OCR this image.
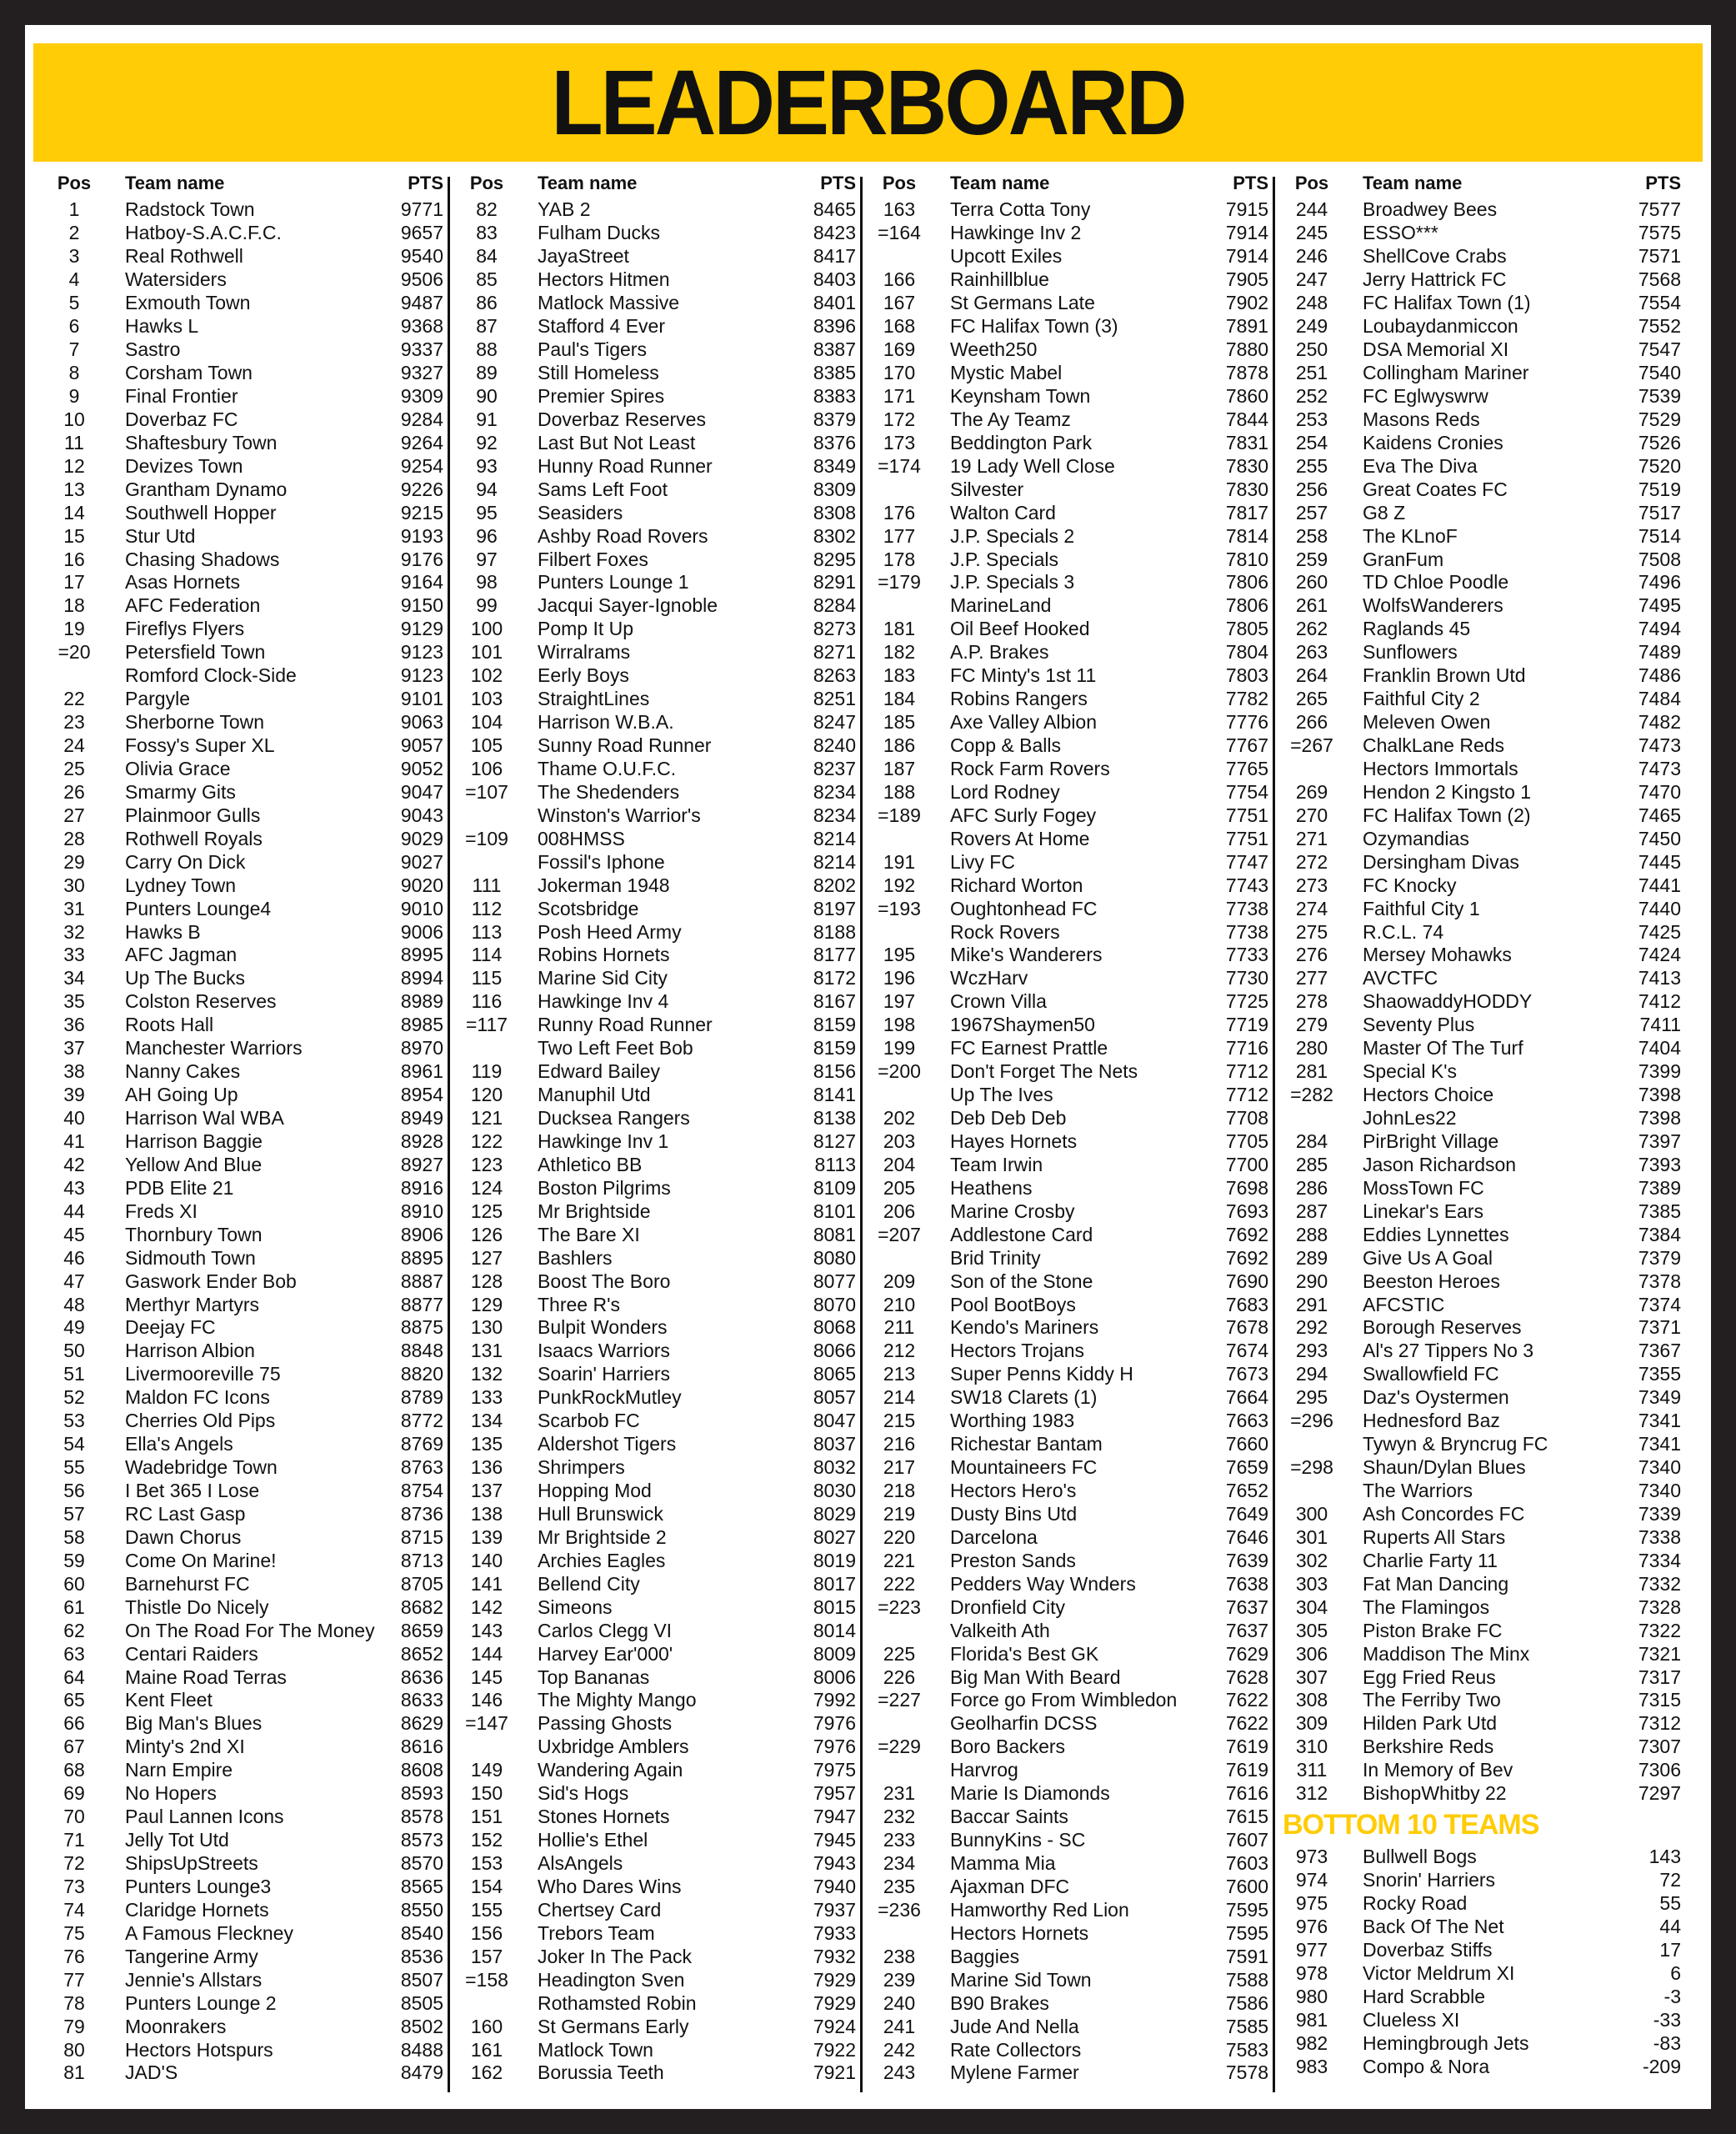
LEADERBOARD
Pos	Team name	PTS
1	Radstock Town	9771
2	Hatboy-S.A.C.F.C.	9657
3	Real Rothwell	9540
4	Watersiders	9506
5	Exmouth Town	9487
6	Hawks L	9368
7	Sastro	9337
8	Corsham Town	9327
9	Final Frontier	9309
10	Doverbaz FC	9284
11	Shaftesbury Town	9264
12	Devizes Town	9254
13	Grantham Dynamo	9226
14	Southwell Hopper	9215
15	Stur Utd	9193
16	Chasing Shadows	9176
17	Asas Hornets	9164
18	AFC Federation	9150
19	Fireflys Flyers	9129
=20	Petersfield Town	9123
Romford Clock-Side	9123
22	Pargyle	9101
23	Sherborne Town	9063
24	Fossy's Super XL	9057
25	Olivia Grace	9052
26	Smarmy Gits	9047
27	Plainmoor Gulls	9043
28	Rothwell Royals	9029
29	Carry On Dick	9027
30	Lydney Town	9020
31	Punters Lounge4	9010
32	Hawks B	9006
33	AFC Jagman	8995
34	Up The Bucks	8994
35	Colston Reserves	8989
36	Roots Hall	8985
37	Manchester Warriors	8970
38	Nanny Cakes	8961
39	AH Going Up	8954
40	Harrison Wal WBA	8949
41	Harrison Baggie	8928
42	Yellow And Blue	8927
43	PDB Elite 21	8916
44	Freds XI	8910
45	Thornbury Town	8906
46	Sidmouth Town	8895
47	Gaswork Ender Bob	8887
48	Merthyr Martyrs	8877
49	Deejay FC	8875
50	Harrison Albion	8848
51	Livermooreville 75	8820
52	Maldon FC Icons	8789
53	Cherries Old Pips	8772
54	Ella's Angels	8769
55	Wadebridge Town	8763
56	I Bet 365 I Lose	8754
57	RC Last Gasp	8736
58	Dawn Chorus	8715
59	Come On Marine!	8713
60	Barnehurst FC	8705
61	Thistle Do Nicely	8682
62	On The Road For The Money	8659
63	Centari Raiders	8652
64	Maine Road Terras	8636
65	Kent Fleet	8633
66	Big Man's Blues	8629
67	Minty's 2nd XI	8616
68	Narn Empire	8608
69	No Hopers	8593
70	Paul Lannen Icons	8578
71	Jelly Tot Utd	8573
72	ShipsUpStreets	8570
73	Punters Lounge3	8565
74	Claridge Hornets	8550
75	A Famous Fleckney	8540
76	Tangerine Army	8536
77	Jennie's Allstars	8507
78	Punters Lounge 2	8505
79	Moonrakers	8502
80	Hectors Hotspurs	8488
81	JAD'S	8479
Pos	Team name	PTS
82	YAB 2	8465
83	Fulham Ducks	8423
84	JayaStreet	8417
85	Hectors Hitmen	8403
86	Matlock Massive	8401
87	Stafford 4 Ever	8396
88	Paul's Tigers	8387
89	Still Homeless	8385
90	Premier Spires	8383
91	Doverbaz Reserves	8379
92	Last But Not Least	8376
93	Hunny Road Runner	8349
94	Sams Left Foot	8309
95	Seasiders	8308
96	Ashby Road Rovers	8302
97	Filbert Foxes	8295
98	Punters Lounge 1	8291
99	Jacqui Sayer-Ignoble	8284
100	Pomp It Up	8273
101	Wirralrams	8271
102	Eerly Boys	8263
103	StraightLines	8251
104	Harrison W.B.A.	8247
105	Sunny Road Runner	8240
106	Thame O.U.F.C.	8237
=107	The Shedenders	8234
Winston's Warrior's	8234
=109	008HMSS	8214
Fossil's Iphone	8214
111	Jokerman 1948	8202
112	Scotsbridge	8197
113	Posh Heed Army	8188
114	Robins Hornets	8177
115	Marine Sid City	8172
116	Hawkinge Inv 4	8167
=117	Runny Road Runner	8159
Two Left Feet Bob	8159
119	Edward Bailey	8156
120	Manuphil Utd	8141
121	Ducksea Rangers	8138
122	Hawkinge Inv 1	8127
123	Athletico BB	8113
124	Boston Pilgrims	8109
125	Mr Brightside	8101
126	The Bare XI	8081
127	Bashlers	8080
128	Boost The Boro	8077
129	Three R's	8070
130	Bulpit Wonders	8068
131	Isaacs Warriors	8066
132	Soarin' Harriers	8065
133	PunkRockMutley	8057
134	Scarbob FC	8047
135	Aldershot Tigers	8037
136	Shrimpers	8032
137	Hopping Mod	8030
138	Hull Brunswick	8029
139	Mr Brightside 2	8027
140	Archies Eagles	8019
141	Bellend City	8017
142	Simeons	8015
143	Carlos Clegg VI	8014
144	Harvey Ear'000'	8009
145	Top Bananas	8006
146	The Mighty Mango	7992
=147	Passing Ghosts	7976
Uxbridge Amblers	7976
149	Wandering Again	7975
150	Sid's Hogs	7957
151	Stones Hornets	7947
152	Hollie's Ethel	7945
153	AlsAngels	7943
154	Who Dares Wins	7940
155	Chertsey Card	7937
156	Trebors Team	7933
157	Joker In The Pack	7932
=158	Headington Sven	7929
Rothamsted Robin	7929
160	St Germans Early	7924
161	Matlock Town	7922
162	Borussia Teeth	7921
Pos	Team name	PTS
163	Terra Cotta Tony	7915
=164	Hawkinge Inv 2	7914
Upcott Exiles	7914
166	Rainhillblue	7905
167	St Germans Late	7902
168	FC Halifax Town (3)	7891
169	Weeth250	7880
170	Mystic Mabel	7878
171	Keynsham Town	7860
172	The Ay Teamz	7844
173	Beddington Park	7831
=174	19 Lady Well Close	7830
Silvester	7830
176	Walton Card	7817
177	J.P. Specials 2	7814
178	J.P. Specials	7810
=179	J.P. Specials 3	7806
MarineLand	7806
181	Oil Beef Hooked	7805
182	A.P. Brakes	7804
183	FC Minty's 1st 11	7803
184	Robins Rangers	7782
185	Axe Valley Albion	7776
186	Copp & Balls	7767
187	Rock Farm Rovers	7765
188	Lord Rodney	7754
=189	AFC Surly Fogey	7751
Rovers At Home	7751
191	Livy FC	7747
192	Richard Worton	7743
=193	Oughtonhead FC	7738
Rock Rovers	7738
195	Mike's Wanderers	7733
196	WczHarv	7730
197	Crown Villa	7725
198	1967Shaymen50	7719
199	FC Earnest Prattle	7716
=200	Don't Forget The Nets	7712
Up The Ives	7712
202	Deb Deb Deb	7708
203	Hayes Hornets	7705
204	Team Irwin	7700
205	Heathens	7698
206	Marine Crosby	7693
=207	Addlestone Card	7692
Brid Trinity	7692
209	Son of the Stone	7690
210	Pool BootBoys	7683
211	Kendo's Mariners	7678
212	Hectors Trojans	7674
213	Super Penns Kiddy H	7673
214	SW18 Clarets (1)	7664
215	Worthing 1983	7663
216	Richestar Bantam	7660
217	Mountaineers FC	7659
218	Hectors Hero's	7652
219	Dusty Bins Utd	7649
220	Darcelona	7646
221	Preston Sands	7639
222	Pedders Way Wnders	7638
=223	Dronfield City	7637
Valkeith Ath	7637
225	Florida's Best GK	7629
226	Big Man With Beard	7628
=227	Force go From Wimbledon	7622
Geolharfin DCSS	7622
=229	Boro Backers	7619
Harvrog	7619
231	Marie Is Diamonds	7616
232	Baccar Saints	7615
233	BunnyKins - SC	7607
234	Mamma Mia	7603
235	Ajaxman DFC	7600
=236	Hamworthy Red Lion	7595
Hectors Hornets	7595
238	Baggies	7591
239	Marine Sid Town	7588
240	B90 Brakes	7586
241	Jude And Nella	7585
242	Rate Collectors	7583
243	Mylene Farmer	7578
Pos	Team name	PTS
244	Broadwey Bees	7577
245	ESSO***	7575
246	ShellCove Crabs	7571
247	Jerry Hattrick FC	7568
248	FC Halifax Town (1)	7554
249	Loubaydanmiccon	7552
250	DSA Memorial XI	7547
251	Collingham Mariner	7540
252	FC Eglwyswrw	7539
253	Masons Reds	7529
254	Kaidens Cronies	7526
255	Eva The Diva	7520
256	Great Coates FC	7519
257	G8 Z	7517
258	The KLnoF	7514
259	GranFum	7508
260	TD Chloe Poodle	7496
261	WolfsWanderers	7495
262	Raglands 45	7494
263	Sunflowers	7489
264	Franklin Brown Utd	7486
265	Faithful City 2	7484
266	Meleven Owen	7482
=267	ChalkLane Reds	7473
Hectors Immortals	7473
269	Hendon 2 Kingsto 1	7470
270	FC Halifax Town (2)	7465
271	Ozymandias	7450
272	Dersingham Divas	7445
273	FC Knocky	7441
274	Faithful City 1	7440
275	R.C.L. 74	7425
276	Mersey Mohawks	7424
277	AVCTFC	7413
278	ShaowaddyHODDY	7412
279	Seventy Plus	7411
280	Master Of The Turf	7404
281	Special K's	7399
=282	Hectors Choice	7398
JohnLes22	7398
284	PirBright Village	7397
285	Jason Richardson	7393
286	MossTown FC	7389
287	Linekar's Ears	7385
288	Eddies Lynnettes	7384
289	Give Us A Goal	7379
290	Beeston Heroes	7378
291	AFCSTIC	7374
292	Borough Reserves	7371
293	Al's 27 Tippers No 3	7367
294	Swallowfield FC	7355
295	Daz's Oystermen	7349
=296	Hednesford Baz	7341
Tywyn & Bryncrug FC	7341
=298	Shaun/Dylan Blues	7340
The Warriors	7340
300	Ash Concordes FC	7339
301	Ruperts All Stars	7338
302	Charlie Farty 11	7334
303	Fat Man Dancing	7332
304	The Flamingos	7328
305	Piston Brake FC	7322
306	Maddison The Minx	7321
307	Egg Fried Reus	7317
308	The Ferriby Two	7315
309	Hilden Park Utd	7312
310	Berkshire Reds	7307
311	In Memory of Bev	7306
312	BishopWhitby 22	7297
BOTTOM 10 TEAMS
973	Bullwell Bogs	143
974	Snorin' Harriers	72
975	Rocky Road	55
976	Back Of The Net	44
977	Doverbaz Stiffs	17
978	Victor Meldrum XI	6
980	Hard Scrabble	-3
981	Clueless XI	-33
982	Hemingbrough Jets	-83
983	Compo & Nora	-209
